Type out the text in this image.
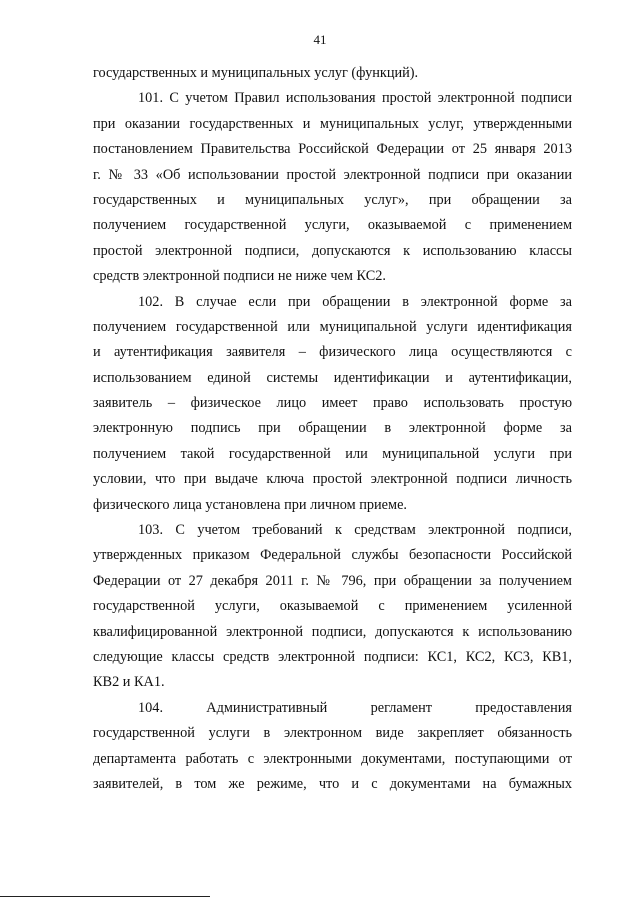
41
государственных и муниципальных услуг (функций).
101. С учетом Правил использования простой электронной подписи
при оказании государственных и муниципальных услуг, утвержденными
постановлением Правительства Российской Федерации от 25 января 2013
г. № 33 «Об использовании простой электронной подписи при оказании
государственных и муниципальных услуг», при обращении за
получением государственной услуги, оказываемой с применением
простой электронной подписи, допускаются к использованию классы
средств электронной подписи не ниже чем КС2.
102. В случае если при обращении в электронной форме за
получением государственной или муниципальной услуги идентификация
и аутентификация заявителя – физического лица осуществляются с
использованием единой системы идентификации и аутентификации,
заявитель – физическое лицо имеет право использовать простую
электронную подпись при обращении в электронной форме за
получением такой государственной или муниципальной услуги при
условии, что при выдаче ключа простой электронной подписи личность
физического лица установлена при личном приеме.
103. С учетом требований к средствам электронной подписи,
утвержденных приказом Федеральной службы безопасности Российской
Федерации от 27 декабря 2011 г. № 796, при обращении за получением
государственной услуги, оказываемой с применением усиленной
квалифицированной электронной подписи, допускаются к использованию
следующие классы средств электронной подписи: КС1, КС2, КС3, КВ1,
КВ2 и КА1.
104. Административный регламент предоставления
государственной услуги в электронном виде закрепляет обязанность
департамента работать с электронными документами, поступающими от
заявителей, в том же режиме, что и с документами на бумажных
